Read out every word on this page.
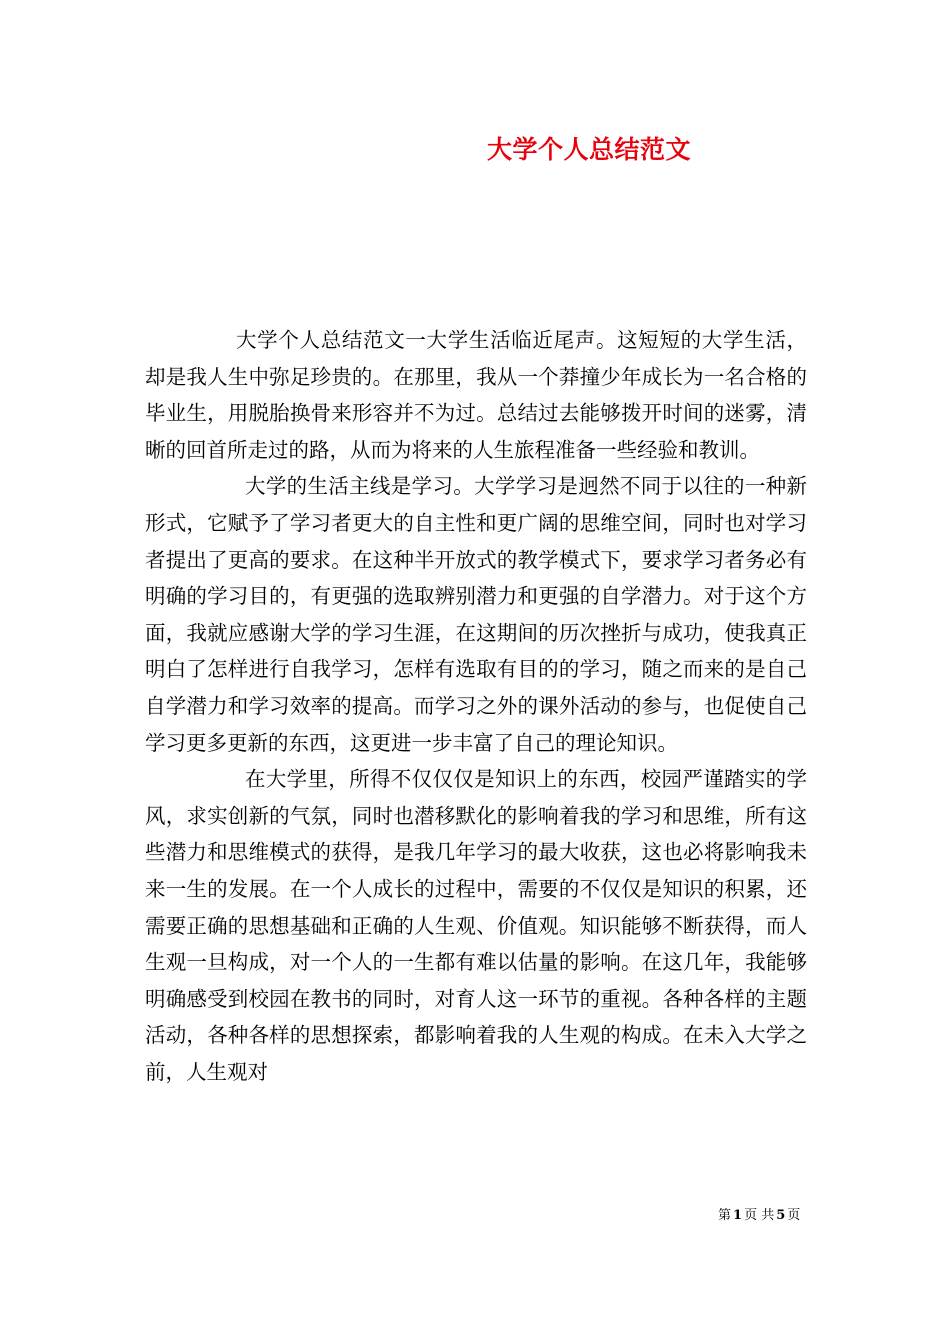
大学个人总结范文

大学个人总结范文一大学生活临近尾声。这短短的大学生活，却是我人生中弥足珍贵的。在那里，我从一个莽撞少年成长为一名合格的毕业生，用脱胎换骨来形容并不为过。总结过去能够拨开时间的迷雾，清晰的回首所走过的路，从而为将来的人生旅程准备一些经验和教训。

大学的生活主线是学习。大学学习是迥然不同于以往的一种新形式，它赋予了学习者更大的自主性和更广阔的思维空间，同时也对学习者提出了更高的要求。在这种半开放式的教学模式下，要求学习者务必有明确的学习目的，有更强的选取辨别潜力和更强的自学潜力。对于这个方面，我就应感谢大学的学习生涯，在这期间的历次挫折与成功，使我真正明白了怎样进行自我学习，怎样有选取有目的的学习，随之而来的是自己自学潜力和学习效率的提高。而学习之外的课外活动的参与，也促使自己学习更多更新的东西，这更进一步丰富了自己的理论知识。

在大学里，所得不仅仅仅是知识上的东西，校园严谨踏实的学风，求实创新的气氛，同时也潜移默化的影响着我的学习和思维，所有这些潜力和思维模式的获得，是我几年学习的最大收获，这也必将影响我未来一生的发展。在一个人成长的过程中，需要的不仅仅是知识的积累，还需要正确的思想基础和正确的人生观、价值观。知识能够不断获得，而人生观一旦构成，对一个人的一生都有难以估量的影响。在这几年，我能够明确感受到校园在教书的同时，对育人这一环节的重视。各种各样的主题活动，各种各样的思想探索，都影响着我的人生观的构成。在未入大学之前，人生观对

第 1 页 共 5 页
